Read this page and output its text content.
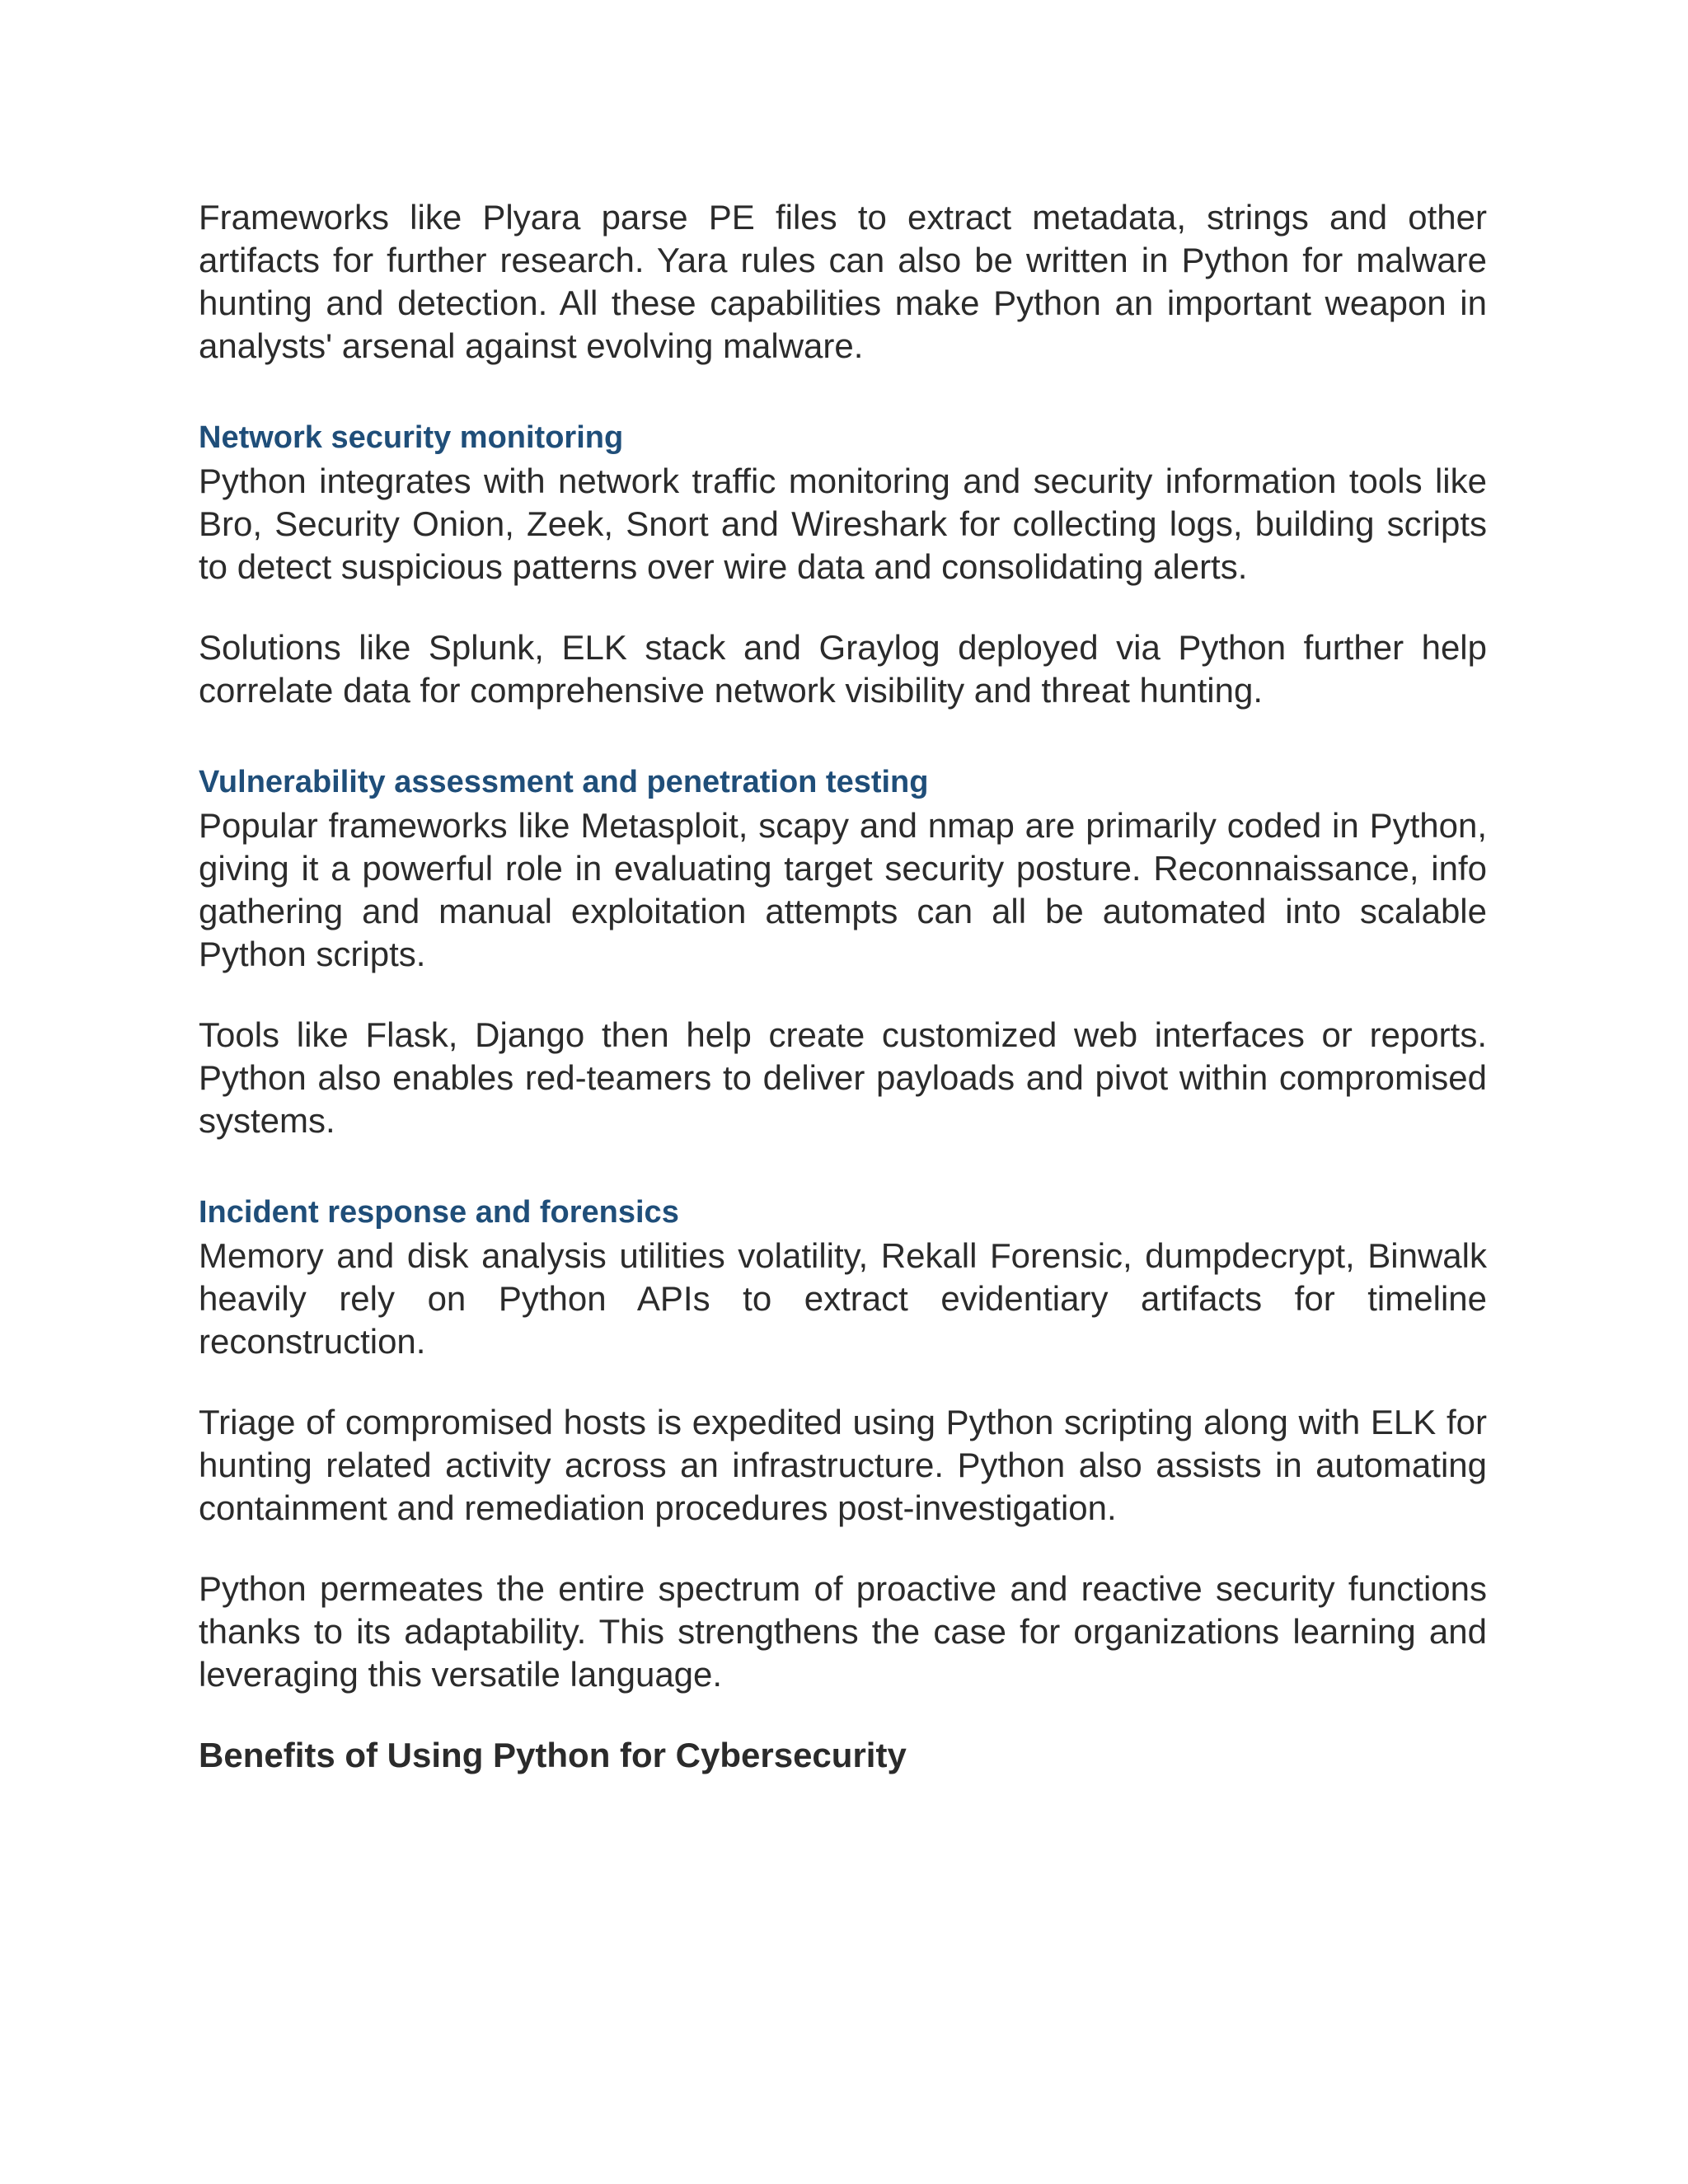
Frameworks like Plyara parse PE files to extract metadata, strings and other artifacts for further research. Yara rules can also be written in Python for malware hunting and detection. All these capabilities make Python an important weapon in analysts' arsenal against evolving malware.

Network security monitoring

Python integrates with network traffic monitoring and security information tools like Bro, Security Onion, Zeek, Snort and Wireshark for collecting logs, building scripts to detect suspicious patterns over wire data and consolidating alerts.

Solutions like Splunk, ELK stack and Graylog deployed via Python further help correlate data for comprehensive network visibility and threat hunting.

Vulnerability assessment and penetration testing

Popular frameworks like Metasploit, scapy and nmap are primarily coded in Python, giving it a powerful role in evaluating target security posture. Reconnaissance, info gathering and manual exploitation attempts can all be automated into scalable Python scripts.

Tools like Flask, Django then help create customized web interfaces or reports. Python also enables red-teamers to deliver payloads and pivot within compromised systems.

Incident response and forensics

Memory and disk analysis utilities volatility, Rekall Forensic, dumpdecrypt, Binwalk heavily rely on Python APIs to extract evidentiary artifacts for timeline reconstruction.

Triage of compromised hosts is expedited using Python scripting along with ELK for hunting related activity across an infrastructure. Python also assists in automating containment and remediation procedures post-investigation.

Python permeates the entire spectrum of proactive and reactive security functions thanks to its adaptability. This strengthens the case for organizations learning and leveraging this versatile language.

Benefits of Using Python for Cybersecurity
